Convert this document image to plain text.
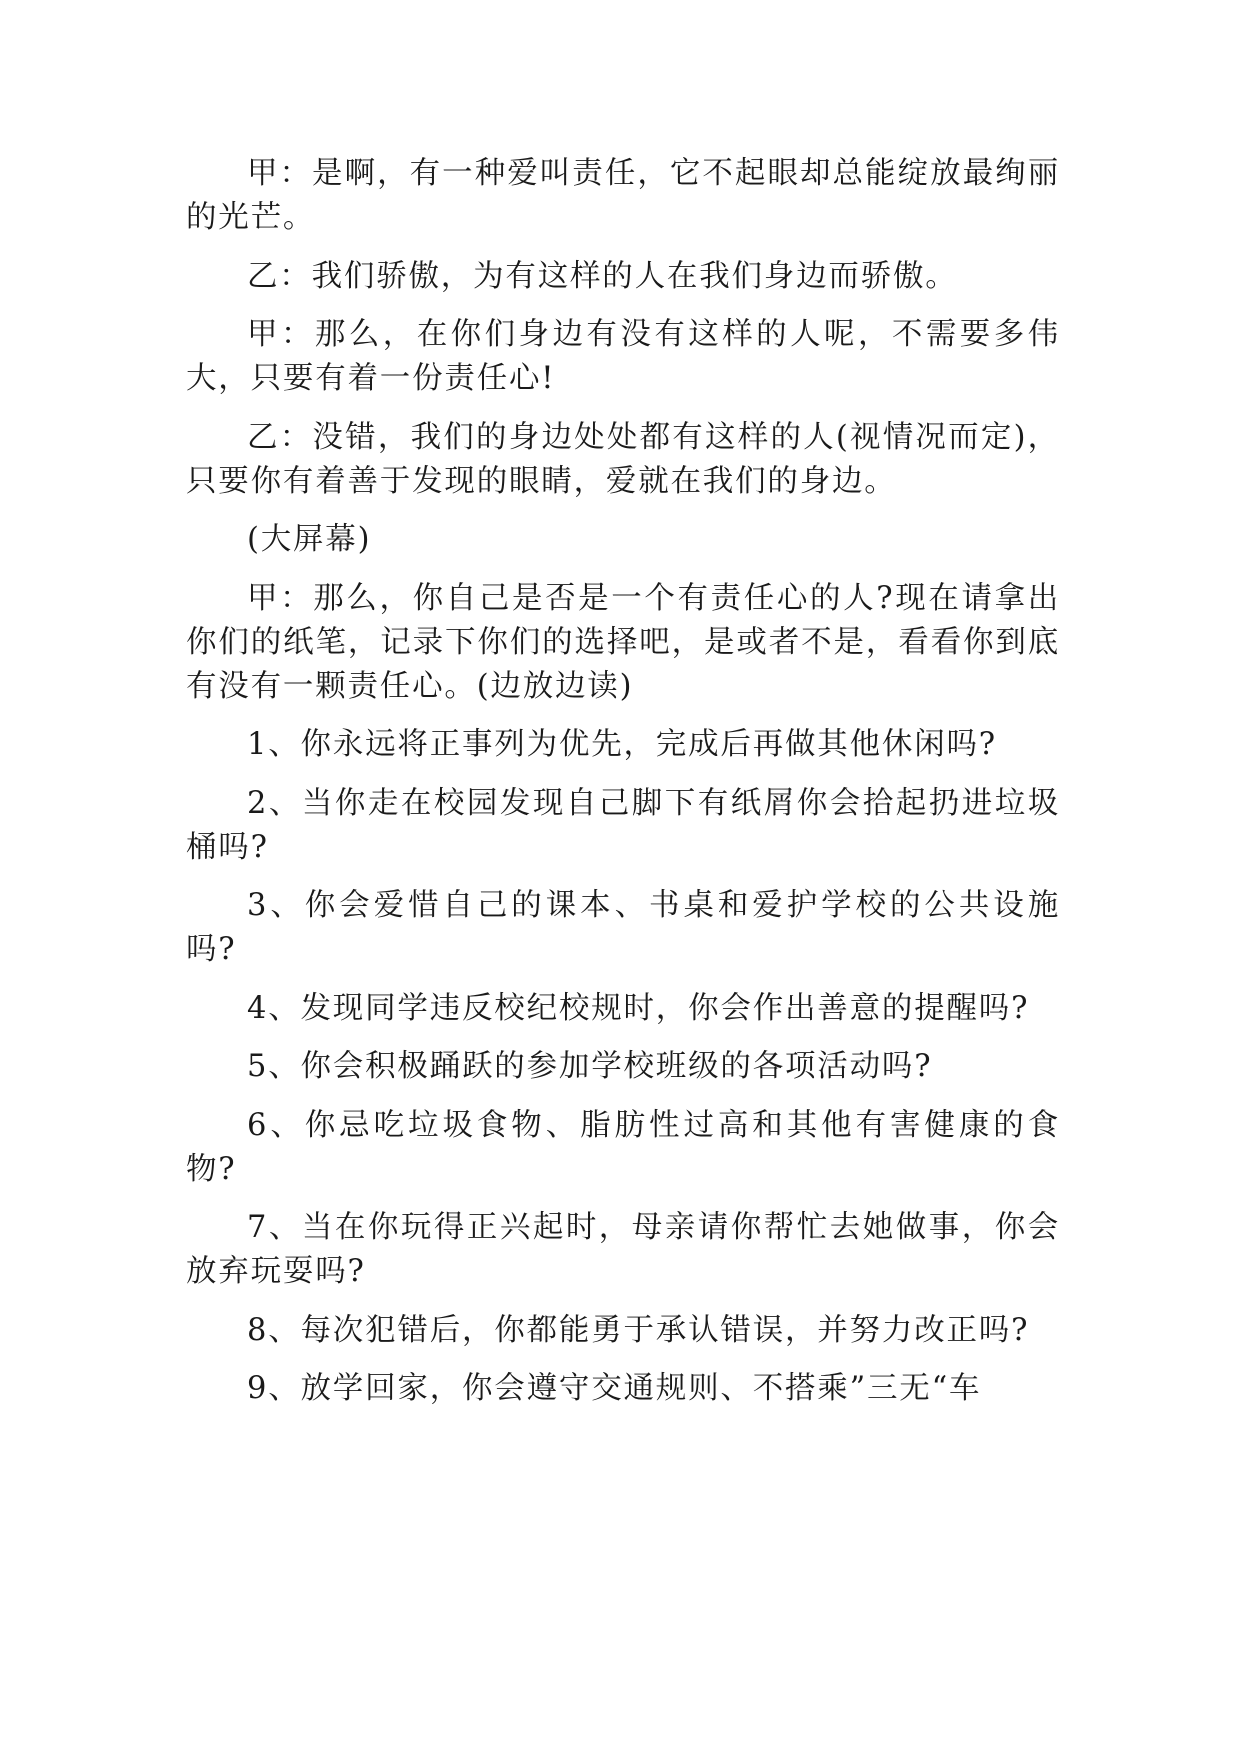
甲：是啊，有一种爱叫责任，它不起眼却总能绽放最绚丽的光芒。

乙：我们骄傲，为有这样的人在我们身边而骄傲。

甲：那么，在你们身边有没有这样的人呢，不需要多伟大，只要有着一份责任心!

乙：没错，我们的身边处处都有这样的人(视情况而定)，只要你有着善于发现的眼睛，爱就在我们的身边。

(大屏幕)

甲：那么，你自己是否是一个有责任心的人?现在请拿出你们的纸笔，记录下你们的选择吧，是或者不是，看看你到底有没有一颗责任心。(边放边读)

1、你永远将正事列为优先，完成后再做其他休闲吗?

2、当你走在校园发现自己脚下有纸屑你会拾起扔进垃圾桶吗?

3、你会爱惜自己的课本、书桌和爱护学校的公共设施吗?

4、发现同学违反校纪校规时，你会作出善意的提醒吗?

5、你会积极踊跃的参加学校班级的各项活动吗?

6、你忌吃垃圾食物、脂肪性过高和其他有害健康的食物?

7、当在你玩得正兴起时，母亲请你帮忙去她做事，你会放弃玩耍吗?

8、每次犯错后，你都能勇于承认错误，并努力改正吗?

9、放学回家，你会遵守交通规则、不搭乘”三无“车
